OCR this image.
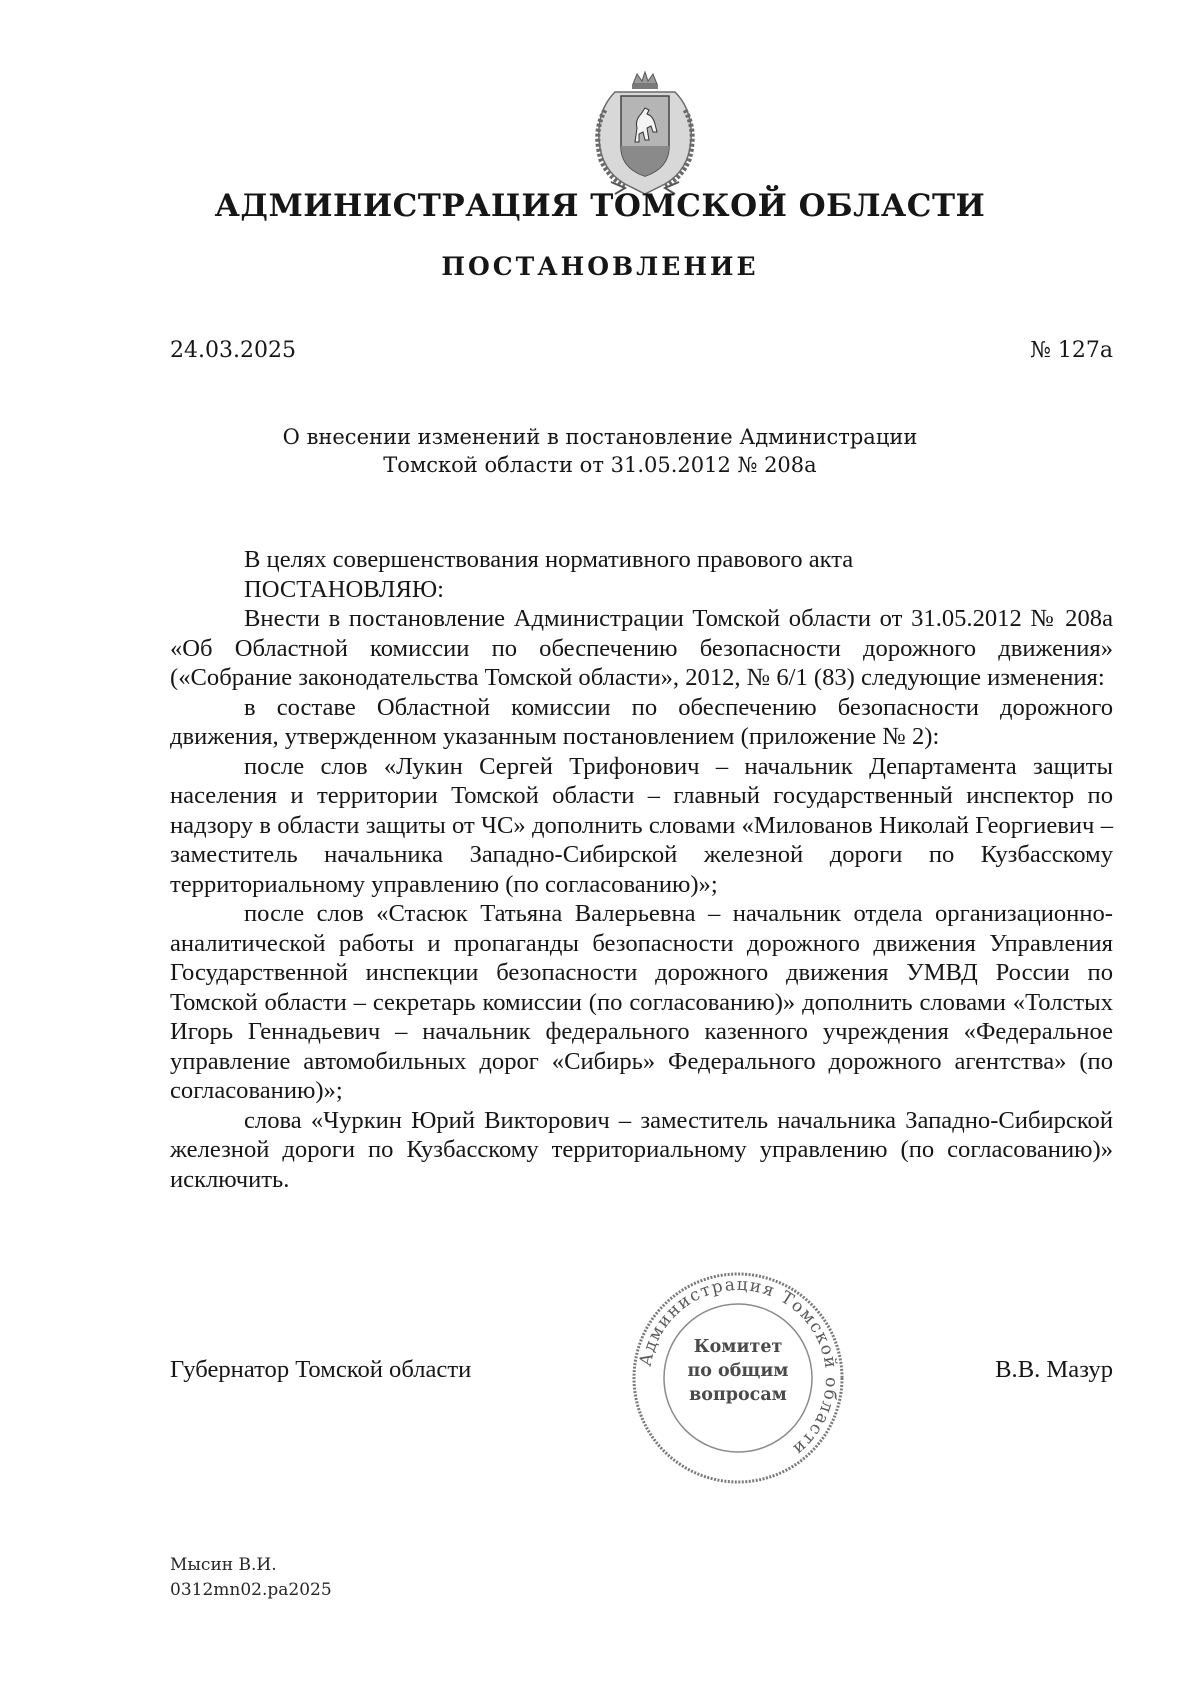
АДМИНИСТРАЦИЯ ТОМСКОЙ ОБЛАСТИ
ПОСТАНОВЛЕНИЕ
24.03.2025	№ 127а
О внесении изменений в постановление Администрации
Томской области от 31.05.2012 № 208а

В целях совершенствования нормативного правового акта

ПОСТАНОВЛЯЮ:

Внести в постановление Администрации Томской области от 31.05.2012 № 208а «Об Областной комиссии по обеспечению безопасности дорожного движения» («Собрание законодательства Томской области», 2012, № 6/1 (83) следующие изменения:

в составе Областной комиссии по обеспечению безопасности дорожного движения, утвержденном указанным постановлением (приложение № 2):

после слов «Лукин Сергей Трифонович – начальник Департамента защиты населения и территории Томской области – главный государственный инспектор по надзору в области защиты от ЧС» дополнить словами «Милованов Николай Георгиевич – заместитель начальника Западно-Сибирской железной дороги по Кузбасскому территориальному управлению (по согласованию)»;

после слов «Стасюк Татьяна Валерьевна – начальник отдела организационно-аналитической работы и пропаганды безопасности дорожного движения Управления Государственной инспекции безопасности дорожного движения УМВД России по Томской области – секретарь комиссии (по согласованию)» дополнить словами «Толстых Игорь Геннадьевич – начальник федерального казенного учреждения «Федеральное управление автомобильных дорог «Сибирь» Федерального дорожного агентства» (по согласованию)»;

слова «Чуркин Юрий Викторович – заместитель начальника Западно-Сибирской железной дороги по Кузбасскому территориальному управлению (по согласованию)» исключить.

Администрация Томской области
Комитет
по общим
вопросам
Губернатор Томской области	В.В. Мазур
Мысин В.И.
0312mn02.pa2025
